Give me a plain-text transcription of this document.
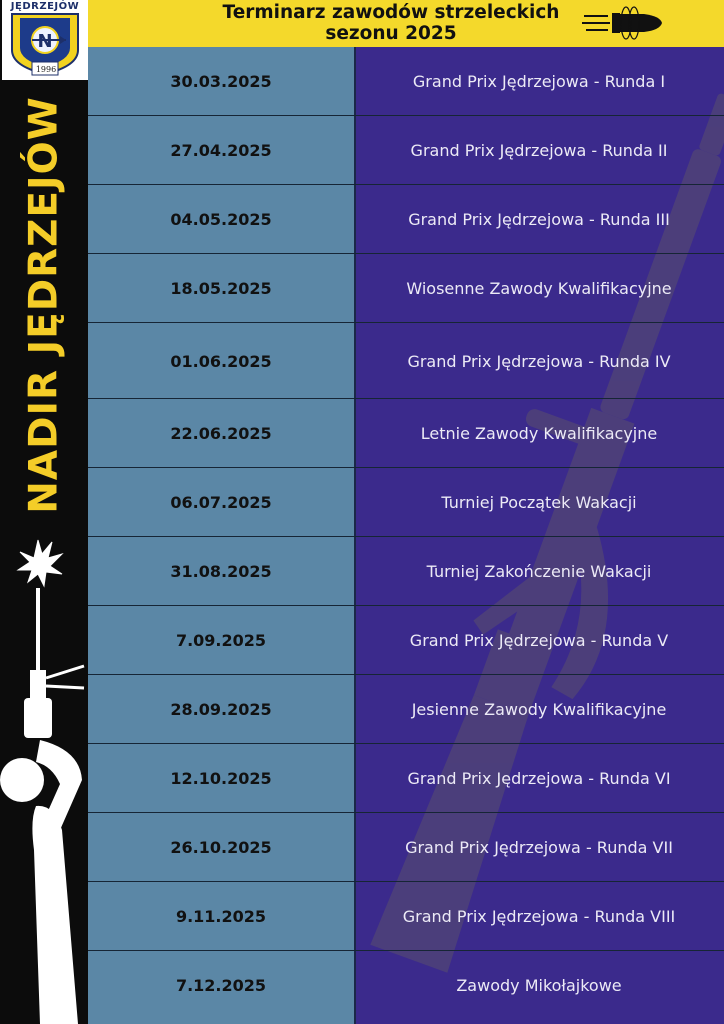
N
JĘDRZEJÓW
1996
NADIR JĘDRZEJÓW
Terminarz zawodów strzeleckich
sezonu 2025
30.03.2025	Grand Prix Jędrzejowa - Runda I
27.04.2025	Grand Prix Jędrzejowa - Runda II
04.05.2025	Grand Prix Jędrzejowa - Runda III
18.05.2025	Wiosenne Zawody Kwalifikacyjne
01.06.2025	Grand Prix Jędrzejowa - Runda IV
22.06.2025	Letnie Zawody Kwalifikacyjne
06.07.2025	Turniej Początek Wakacji
31.08.2025	Turniej Zakończenie Wakacji
7.09.2025	Grand Prix Jędrzejowa - Runda V
28.09.2025	Jesienne Zawody Kwalifikacyjne
12.10.2025	Grand Prix Jędrzejowa - Runda VI
26.10.2025	Grand Prix Jędrzejowa - Runda VII
9.11.2025	Grand Prix Jędrzejowa - Runda VIII
7.12.2025	Zawody Mikołajkowe
